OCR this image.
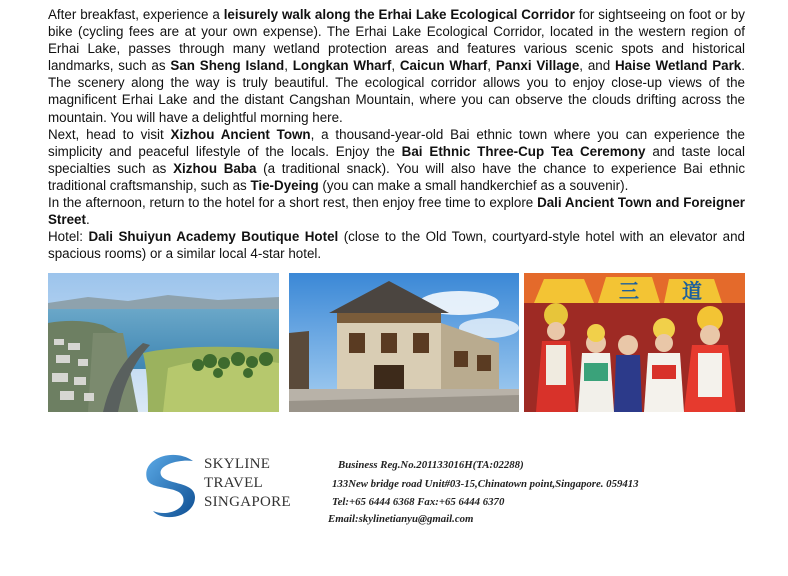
After breakfast, experience a leisurely walk along the Erhai Lake Ecological Corridor for sightseeing on foot or by bike (cycling fees are at your own expense). The Erhai Lake Ecological Corridor, located in the western region of Erhai Lake, passes through many wetland protection areas and features various scenic spots and historical landmarks, such as San Sheng Island, Longkan Wharf, Caicun Wharf, Panxi Village, and Haise Wetland Park. The scenery along the way is truly beautiful. The ecological corridor allows you to enjoy close-up views of the magnificent Erhai Lake and the distant Cangshan Mountain, where you can observe the clouds drifting across the mountain. You will have a delightful morning here.

Next, head to visit Xizhou Ancient Town, a thousand-year-old Bai ethnic town where you can experience the simplicity and peaceful lifestyle of the locals. Enjoy the Bai Ethnic Three-Cup Tea Ceremony and taste local specialties such as Xizhou Baba (a traditional snack). You will also have the chance to experience Bai ethnic traditional craftsmanship, such as Tie-Dyeing (you can make a small handkerchief as a souvenir).

In the afternoon, return to the hotel for a short rest, then enjoy free time to explore Dali Ancient Town and Foreigner Street.

Hotel: Dali Shuiyun Academy Boutique Hotel (close to the Old Town, courtyard-style hotel with an elevator and spacious rooms) or a similar local 4-star hotel.

三 道
SKYLINE
TRAVEL
SINGAPORE
Business Reg.No.201133016H(TA:02288)
133New bridge road Unit#03-15,Chinatown point,Singapore. 059413
Tel:+65 6444 6368 Fax:+65 6444 6370
Email:skylinetianyu@gmail.com
